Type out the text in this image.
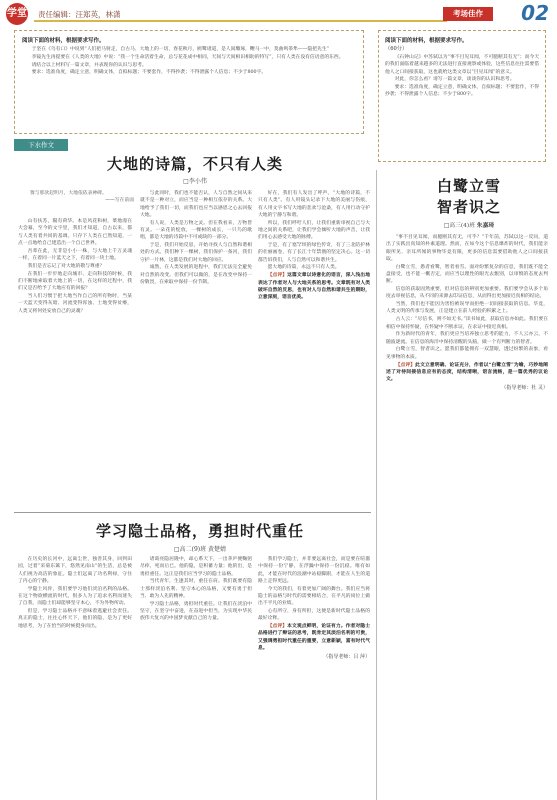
学堂 责任编辑：汪郑英，林潇	考场佳作	02
阅读下面的材料，根据要求写作。

于坚在《乌有口》中说到“人们把马射走，自古马、大地上的一切，春花秋月，鸥鹭诸道，是人间雕琢，鞭马一中，莫曲鸣茶隼——隐把先生”

李镜先生再提要在《人类的大地》中说：“我一个生命活着生命，总与花花成中相同，天间与天间相识相助的特写”，只有人类在没有信语意的东西。

请结合以上材料写一篇文章，并表现你的认识与思考。

要求：选准角度，确定立意，明确文体，自拟标题；不要套作，不得抄袭；不得泄露个人信息；不少于800字。

阅读下面的材料，根据要求写作。
（60分）

《石钟山记》中苏轼以为“事不目见耳闻，不可臆断其有无”；而今天的我们面临着越来越多的无法进行直接观察或体验，这些信息往往需要借他人之口间接获取，这也就给这类文章以“目见耳闻”的意义。

对此，你怎么看？请写一篇文章，谈谈你的认识和思考。

要求：选准角度，确定立意，明确文体，自拟标题；不要套作，不得抄袭；不得泄露个人信息；不少于800字。

下水作文
大地的诗篇，不只有人类
□李小伟
猗与那欤起明月，大地依依表神碑。
——写在前面

山有扶苏，隰有荷华。本是风花和树，菜地漫在大会幕，至今的文字里，我们才知道，自古以来，都与人类有着共同的基调。只存下人类在已然知道，一点一点地给自己建造出一个自己世界。

吾辈在此，无非是小小一株，与大地上千万灵魂一样，在着同一片蓝天之下，有着同一块土地。

我们是否忘记了对大地的敬与尊重？

在我们一步步地走向城市、走向科技的时候，我们不断地索取着大地上的一切，在这样的过程中，我们又是否给予了大地应有的回报？

当人们习惯于把大地当作自己的所有物时，当某一天蓝天变得灰暗、河流变得浑浊、土地变得贫瘠，人类又将何处安放自己的灵魂？

与此同时，我们也不能否认，人与自然之间从来就不是一种对立，而应当是一种相互依存的关系。大地给予了我们一切，而我们也应当以感恩之心去回报大地。

有人说，人类是万物之灵。但在我看来，万物皆有灵。一朵花的绽放，一棵树的成长，一只鸟的歌唱，都是大地的诗篇中不可或缺的一部分。

于是，我们开始反思，开始寻找人与自然和谐相处的方式。我们种下一棵树，我们保护一条河，我们守护一片林，这都是我们对大地的回应。

诚然，在人类发展的进程中，我们无法完全避免对自然的改变。但我们可以做的，是在改变中保持一份敬畏，在索取中保持一份节制。

好在，我们有人发出了呼声，“大地的诗篇，不只有人类”。有人用镜头记录下大地的美丽与伤痕，有人用文字书写大地的悲欢与沧桑，有人用行动守护大地的宁静与和谐。

所以，我们呼吁人们，让我们重新审视自己与大地之间的关系吧，让我们学会倾听大地的声音，让我们用心去感受大地的脉搏。

于是，有了塞罕坝的绿色传奇，有了三北防护林的壮丽画卷，有了长江十年禁渔的坚定决心。这一切都告诉我们，人与自然可以和谐共生。

愿大地的诗篇，永远不只有人类。

【点评】这篇文章以诗意化的语言，深入浅出地表达了作者对人与大地关系的思考。文章既有对人类破坏自然的反思，也有对人与自然和谐共生的期盼，立意深刻，语言优美。
白鹭立雪
智者识之
□高三(4)班 朱嘉琦

“事不目见耳闻，而臆断其有无，可乎？”千年前，苏轼以这一反问，道出了实践出真知的朴素道理。然而，在如今这个信息爆炸的时代，我们能亲眼所见、亲耳所闻的事物毕竟有限，更多的信息需要借助他人之口间接获取。

白鹭立雪，愚者看鹭，智者看雪。面对纷繁复杂的信息，我们既不能全盘接受，也不能一概否定，而应当以理性的眼光去甄别，以审慎的态度去判断。

信息的获取固然重要，但对信息的辨别更加重要。我们要学会从多个角度去审视信息，从不同的来源去印证信息，从而得出更加接近真相的结论。

当然，我们也不能因为害怕被误导而拒绝一切间接获取的信息。毕竟，人类文明的传承与发展，正是建立在前人经验的积累之上。

古人云：“尽信书，则不如无书。”读书如此，获取信息亦如此。我们要在相信中保持怀疑，在怀疑中不断求证，在求证中接近真相。

作为新时代的青年，我们更应当培养独立思考的能力，不人云亦云，不随波逐流。在信息的海洋中保持清醒的头脑，做一个有判断力的智者。

白鹭立雪，智者识之。愿我们都能拥有一双慧眼，透过纷繁的表象，看见事物的本质。

【点评】此文立意明确、论证充分，作者以“白鹭立雪”为喻，巧妙地阐述了对待间接信息应有的态度，结构清晰，语言流畅，是一篇优秀的议论文。
（指导老师：杜 灵）
学习隐士品格，勇担时代重任
□高二(9)班 黄楚婧

在历史的长河中，远离尘世，独善其身，回到田园，过着“采菊东篱下，悠然见南山”的生活，总是被人们视为高洁的象征。隐士们远离了功名利禄，守住了内心的宁静。

学隐士风骨，我们要学习他们淡泊名利的品格。在这个物欲横流的时代，很多人为了追求名利而迷失了自我，而隐士们却能够坚守本心，不为外物所动。

但是，学习隐士品格并不意味着逃避社会责任。真正的隐士，往往心怀天下，他们的隐，是为了更好地思考，为了在恰当的时候挺身而出。

诸葛亮隐居隆中，却心系天下，一出茅庐便鞠躬尽瘁，死而后已。他的隐，是积蓄力量；他的出，是勇担重任。这正是我们应当学习的隐士品格。

当代青年，生逢其时，重任在肩。我们既要有隐士那样淡泊名利、坚守本心的品格，又要有勇于担当、敢为人先的精神。

学习隐士品格，勇担时代重任。让我们在淡泊中坚守，在坚守中奋进，在奋进中担当，为实现中华民族伟大复兴的中国梦贡献自己的力量。

我们学习隐士，并非要远离社会，而是要在喧嚣中保持一份宁静，在浮躁中保持一份沉稳。唯有如此，才能在时代的浪潮中站稳脚跟，才能在人生的道路上走得更远。

今天的我们，有着更加广阔的舞台。我们应当将隐士的品格与时代的需要相结合，在平凡的岗位上做出不平凡的业绩。

心有所守，身有所担，这便是新时代隐士品格的最好诠释。

【点评】本文观点鲜明，论证有力。作者对隐士品格进行了辩证的思考，既肯定其淡泊名利的可贵，又强调勇担时代重任的重要，立意新颖，富有时代气息。
（指导老师：吕 萍）
